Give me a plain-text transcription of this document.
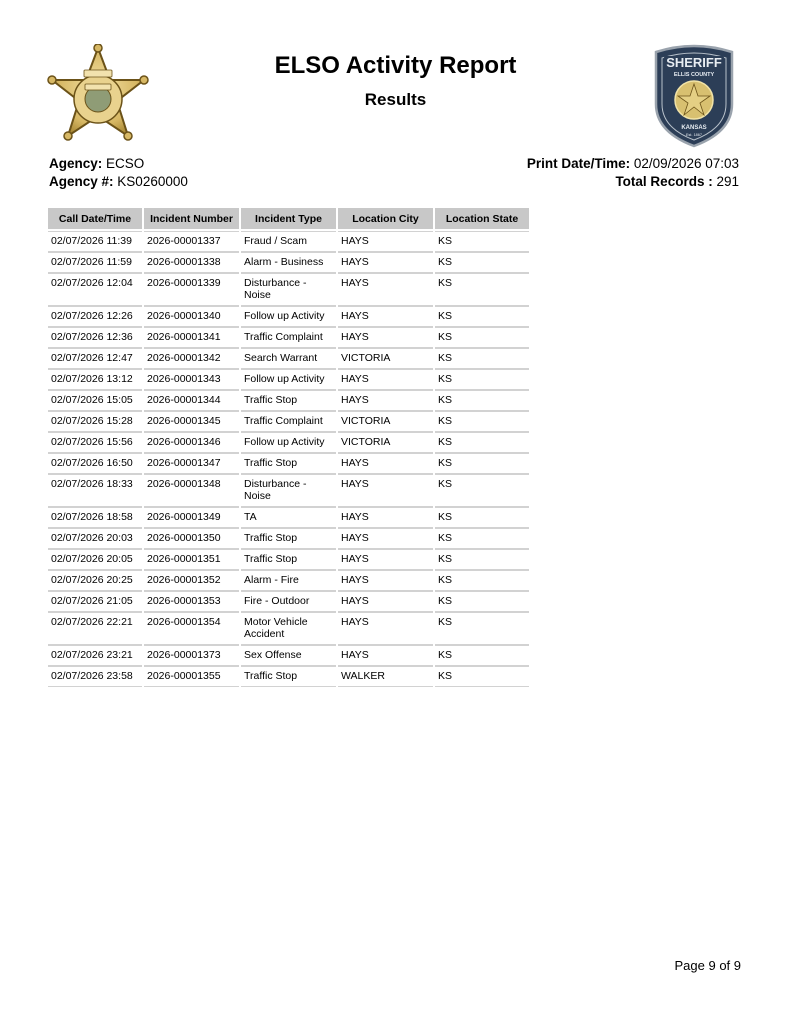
SHERIFF
ELLIS COUNTY
KANSAS
Est. 1867
ELSO Activity Report
Results
Agency: ECSO
Agency #: KS0260000
Print Date/Time: 02/09/2026 07:03
Total Records : 291
Call Date/Time	Incident Number	Incident Type	Location City	Location State
02/07/2026 11:39	2026-00001337	Fraud / Scam	HAYS	KS
02/07/2026 11:59	2026-00001338	Alarm - Business	HAYS	KS
02/07/2026 12:04	2026-00001339	Disturbance - Noise	HAYS	KS
02/07/2026 12:26	2026-00001340	Follow up Activity	HAYS	KS
02/07/2026 12:36	2026-00001341	Traffic Complaint	HAYS	KS
02/07/2026 12:47	2026-00001342	Search Warrant	VICTORIA	KS
02/07/2026 13:12	2026-00001343	Follow up Activity	HAYS	KS
02/07/2026 15:05	2026-00001344	Traffic Stop	HAYS	KS
02/07/2026 15:28	2026-00001345	Traffic Complaint	VICTORIA	KS
02/07/2026 15:56	2026-00001346	Follow up Activity	VICTORIA	KS
02/07/2026 16:50	2026-00001347	Traffic Stop	HAYS	KS
02/07/2026 18:33	2026-00001348	Disturbance - Noise	HAYS	KS
02/07/2026 18:58	2026-00001349	TA	HAYS	KS
02/07/2026 20:03	2026-00001350	Traffic Stop	HAYS	KS
02/07/2026 20:05	2026-00001351	Traffic Stop	HAYS	KS
02/07/2026 20:25	2026-00001352	Alarm - Fire	HAYS	KS
02/07/2026 21:05	2026-00001353	Fire - Outdoor	HAYS	KS
02/07/2026 22:21	2026-00001354	Motor Vehicle Accident	HAYS	KS
02/07/2026 23:21	2026-00001373	Sex Offense	HAYS	KS
02/07/2026 23:58	2026-00001355	Traffic Stop	WALKER	KS
Page 9 of 9
